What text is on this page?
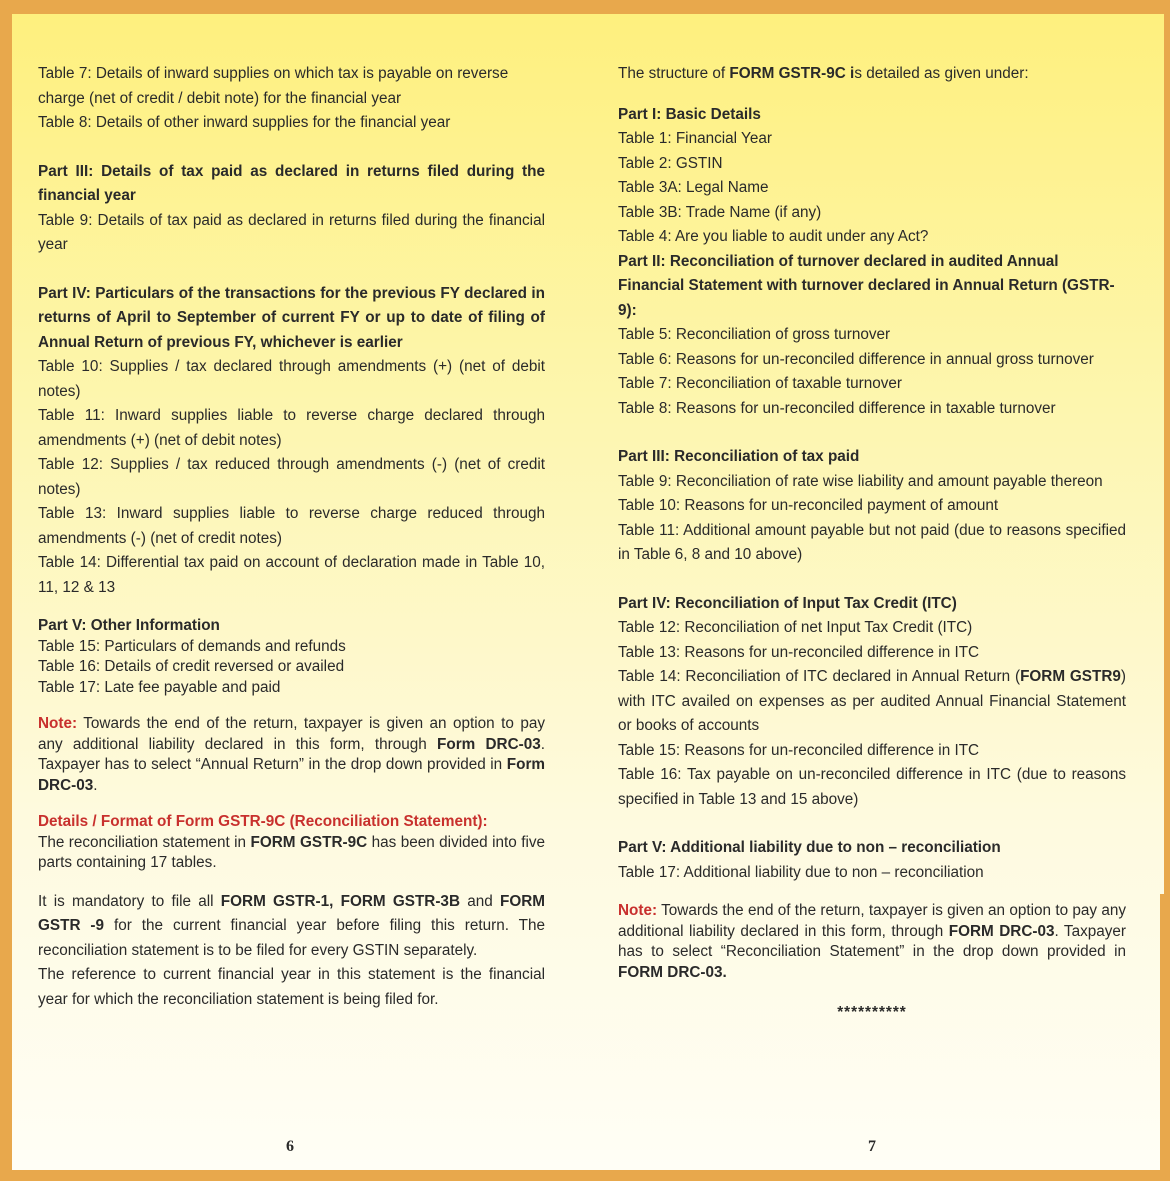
Table 7: Details of inward supplies on which tax is payable on reverse charge (net of credit / debit note) for the financial year

Table 8: Details of other inward supplies for the financial year

Part III: Details of tax paid as declared in returns filed during the financial year

Table 9: Details of tax paid as declared in returns filed during the financial year

Part IV: Particulars of the transactions for the previous FY declared in returns of April to September of current FY or up to date of filing of Annual Return of previous FY, whichever is earlier

Table 10: Supplies / tax declared through amendments (+) (net of debit notes)

Table 11: Inward supplies liable to reverse charge declared through amendments (+) (net of debit notes)

Table 12: Supplies / tax reduced through amendments (-) (net of credit notes)

Table 13: Inward supplies liable to reverse charge reduced through amendments (-) (net of credit notes)

Table 14: Differential tax paid on account of declaration made in Table 10, 11, 12 & 13

Part V: Other Information

Table 15: Particulars of demands and refunds

Table 16: Details of credit reversed or availed

Table 17: Late fee payable and paid

Note: Towards the end of the return, taxpayer is given an option to pay any additional liability declared in this form, through Form DRC-03. Taxpayer has to select “Annual Return” in the drop down provided in Form DRC-03.

Details / Format of Form GSTR-9C (Reconciliation Statement):

The reconciliation statement in FORM GSTR-9C has been divided into five parts containing 17 tables.

It is mandatory to file all FORM GSTR-1, FORM GSTR-3B and FORM GSTR -9 for the current financial year before filing this return. The reconciliation statement is to be filed for every GSTIN separately.

The reference to current financial year in this statement is the financial year for which the reconciliation statement is being filed for.

The structure of FORM GSTR-9C is detailed as given under:

Part I: Basic Details

Table 1: Financial Year

Table 2: GSTIN

Table 3A: Legal Name

Table 3B: Trade Name (if any)

Table 4: Are you liable to audit under any Act?

Part II: Reconciliation of turnover declared in audited Annual Financial Statement with turnover declared in Annual Return (GSTR-9):

Table 5: Reconciliation of gross turnover

Table 6: Reasons for un-reconciled difference in annual gross turnover

Table 7: Reconciliation of taxable turnover

Table 8: Reasons for un-reconciled difference in taxable turnover

Part III: Reconciliation of tax paid

Table 9: Reconciliation of rate wise liability and amount payable thereon

Table 10: Reasons for un-reconciled payment of amount

Table 11: Additional amount payable but not paid (due to reasons specified in Table 6, 8 and 10 above)

Part IV: Reconciliation of Input Tax Credit (ITC)

Table 12: Reconciliation of net Input Tax Credit (ITC)

Table 13: Reasons for un-reconciled difference in ITC

Table 14: Reconciliation of ITC declared in Annual Return (FORM GSTR9) with ITC availed on expenses as per audited Annual Financial Statement or books of accounts

Table 15: Reasons for un-reconciled difference in ITC

Table 16: Tax payable on un-reconciled difference in ITC (due to reasons specified in Table 13 and 15 above)

Part V: Additional liability due to non – reconciliation

Table 17: Additional liability due to non – reconciliation

Note: Towards the end of the return, taxpayer is given an option to pay any additional liability declared in this form, through FORM DRC-03. Taxpayer has to select “Reconciliation Statement” in the drop down provided in FORM DRC-03.

**********

6	7
